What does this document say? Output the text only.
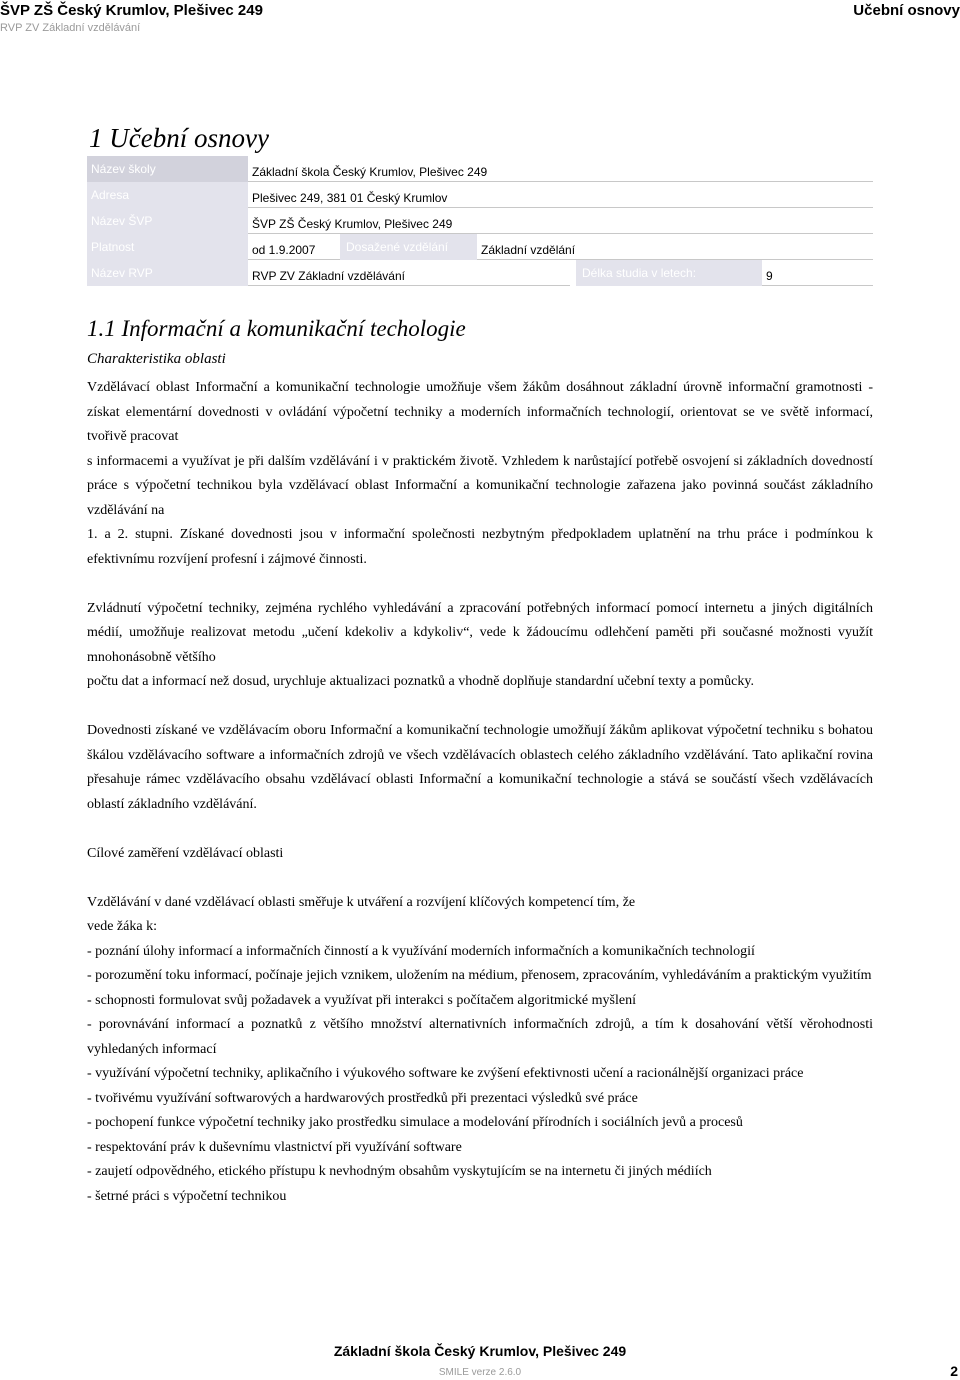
ŠVP ZŠ Český Krumlov, Plešivec 249
RVP ZV Základní vzdělávání
Učební osnovy
1 Učební osnovy
Název školy	Základní škola Český Krumlov, Plešivec 249
Adresa	Plešivec 249, 381 01 Český Krumlov
Název ŠVP	ŠVP ZŠ Český Krumlov, Plešivec 249
Platnost	od 1.9.2007	Dosažené vzdělání	Základní vzdělání
Název RVP	RVP ZV Základní vzdělávání	Délka studia v letech:	9
1.1 Informační a komunikační techologie
Charakteristika oblasti

Vzdělávací oblast Informační a komunikační technologie umožňuje všem žákům dosáhnout základní úrovně informační gramotnosti - získat elementární dovednosti v ovládání výpočetní techniky a moderních informačních technologií, orientovat se ve světě informací, tvořivě pracovat

s informacemi a využívat je při dalším vzdělávání i v praktickém životě. Vzhledem k narůstající potřebě osvojení si základních dovedností práce s výpočetní technikou byla vzdělávací oblast Informační a komunikační technologie zařazena jako povinná součást základního vzdělávání na

1. a 2. stupni. Získané dovednosti jsou v informační společnosti nezbytným předpokladem uplatnění na trhu práce i podmínkou k efektivnímu rozvíjení profesní i zájmové činnosti.

Zvládnutí výpočetní techniky, zejména rychlého vyhledávání a zpracování potřebných informací pomocí internetu a jiných digitálních médií, umožňuje realizovat metodu „učení kdekoliv a kdykoliv“, vede k žádoucímu odlehčení paměti při současné možnosti využít mnohonásobně většího

počtu dat a informací než dosud, urychluje aktualizaci poznatků a vhodně doplňuje standardní učební texty a pomůcky.

Dovednosti získané ve vzdělávacím oboru Informační a komunikační technologie umožňují žákům aplikovat výpočetní techniku s bohatou škálou vzdělávacího software a informačních zdrojů ve všech vzdělávacích oblastech celého základního vzdělávání. Tato aplikační rovina přesahuje rámec vzdělávacího obsahu vzdělávací oblasti Informační a komunikační technologie a stává se součástí všech vzdělávacích oblastí základního vzdělávání.

Cílové zaměření vzdělávací oblasti

Vzdělávání v dané vzdělávací oblasti směřuje k utváření a rozvíjení klíčových kompetencí tím, že

vede žáka k:

- poznání úlohy informací a informačních činností a k využívání moderních informačních a komunikačních technologií

- porozumění toku informací, počínaje jejich vznikem, uložením na médium, přenosem, zpracováním, vyhledáváním a praktickým využitím

- schopnosti formulovat svůj požadavek a využívat při interakci s počítačem algoritmické myšlení

- porovnávání informací a poznatků z většího množství alternativních informačních zdrojů, a tím k dosahování větší věrohodnosti vyhledaných informací

- využívání výpočetní techniky, aplikačního i výukového software ke zvýšení efektivnosti učení a racionálnější organizaci práce

- tvořivému využívání softwarových a hardwarových prostředků při prezentaci výsledků své práce

- pochopení funkce výpočetní techniky jako prostředku simulace a modelování přírodních i sociálních jevů a procesů

- respektování práv k duševnímu vlastnictví při využívání software

- zaujetí odpovědného, etického přístupu k nevhodným obsahům vyskytujícím se na internetu či jiných médiích

- šetrné práci s výpočetní technikou

Základní škola Český Krumlov, Plešivec 249
SMILE verze 2.6.0	2
